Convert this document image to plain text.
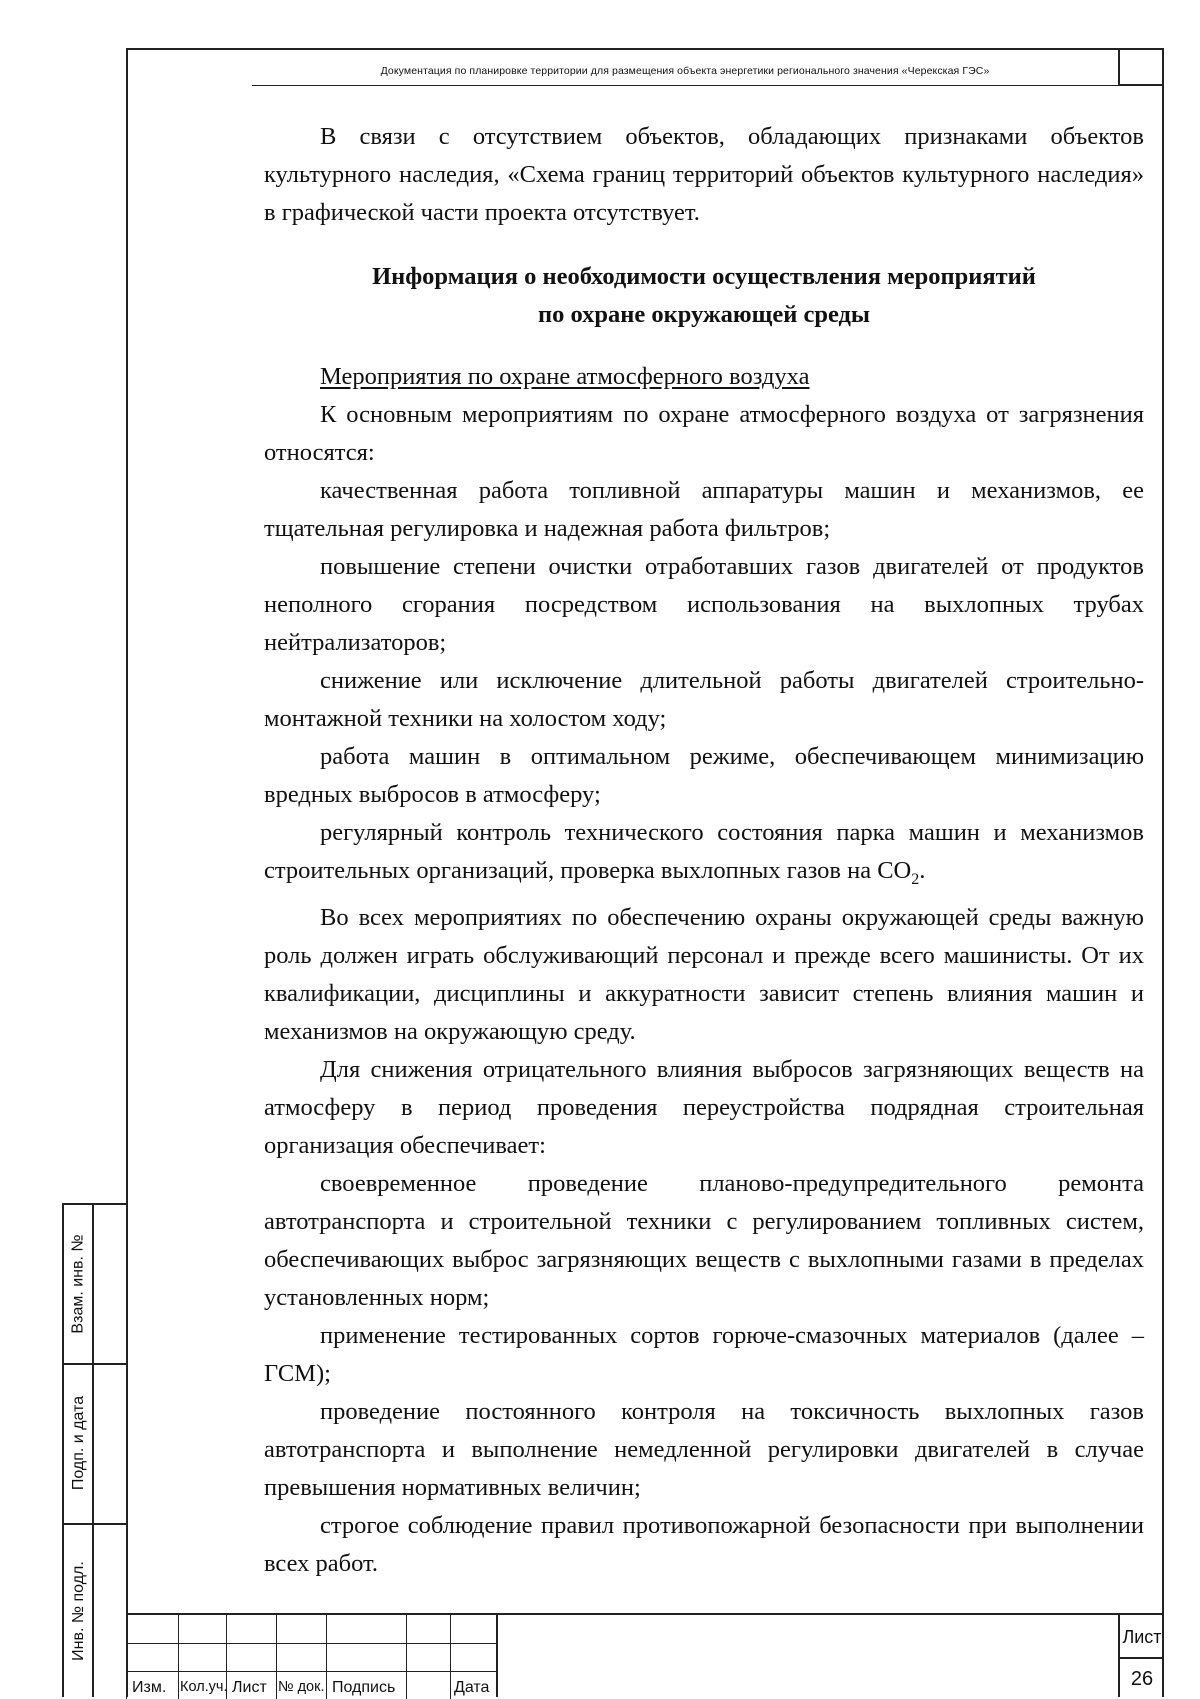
Документация по планировке территории для размещения объекта энергетики регионального значения «Черекская ГЭС»

В связи с отсутствием объектов, обладающих признаками объектов культурного наследия, «Схема границ территорий объектов культурного наследия» в графической части проекта отсутствует.

Информация о необходимости осуществления мероприятий
по охране окружающей среды

Мероприятия по охране атмосферного воздуха

К основным мероприятиям по охране атмосферного воздуха от загрязнения относятся:

качественная работа топливной аппаратуры машин и механизмов, ее тщательная регулировка и надежная работа фильтров;

повышение степени очистки отработавших газов двигателей от продуктов неполного сгорания посредством использования на выхлопных трубах нейтрализаторов;

снижение или исключение длительной работы двигателей строительно-монтажной техники на холостом ходу;

работа машин в оптимальном режиме, обеспечивающем минимизацию вредных выбросов в атмосферу;

регулярный контроль технического состояния парка машин и механизмов строительных организаций, проверка выхлопных газов на $CO_2$.

Во всех мероприятиях по обеспечению охраны окружающей среды важную роль должен играть обслуживающий персонал и прежде всего машинисты. От их квалификации, дисциплины и аккуратности зависит степень влияния машин и механизмов на окружающую среду.

Для снижения отрицательного влияния выбросов загрязняющих веществ на атмосферу в период проведения переустройства подрядная строительная организация обеспечивает:

своевременное проведение планово-предупредительного ремонта автотранспорта и строительной техники с регулированием топливных систем, обеспечивающих выброс загрязняющих веществ с выхлопными газами в пределах установленных норм;

применение тестированных сортов горюче-смазочных материалов (далее – ГСМ);

проведение постоянного контроля на токсичность выхлопных газов автотранспорта и выполнение немедленной регулировки двигателей в случае превышения нормативных величин;

строгое соблюдение правил противопожарной безопасности при выполнении всех работ.

Взам. инв. №
Подп. и дата
Инв. № подл.
Изм. Кол.уч. Лист № док. Подпись	Дата
Лист
26
